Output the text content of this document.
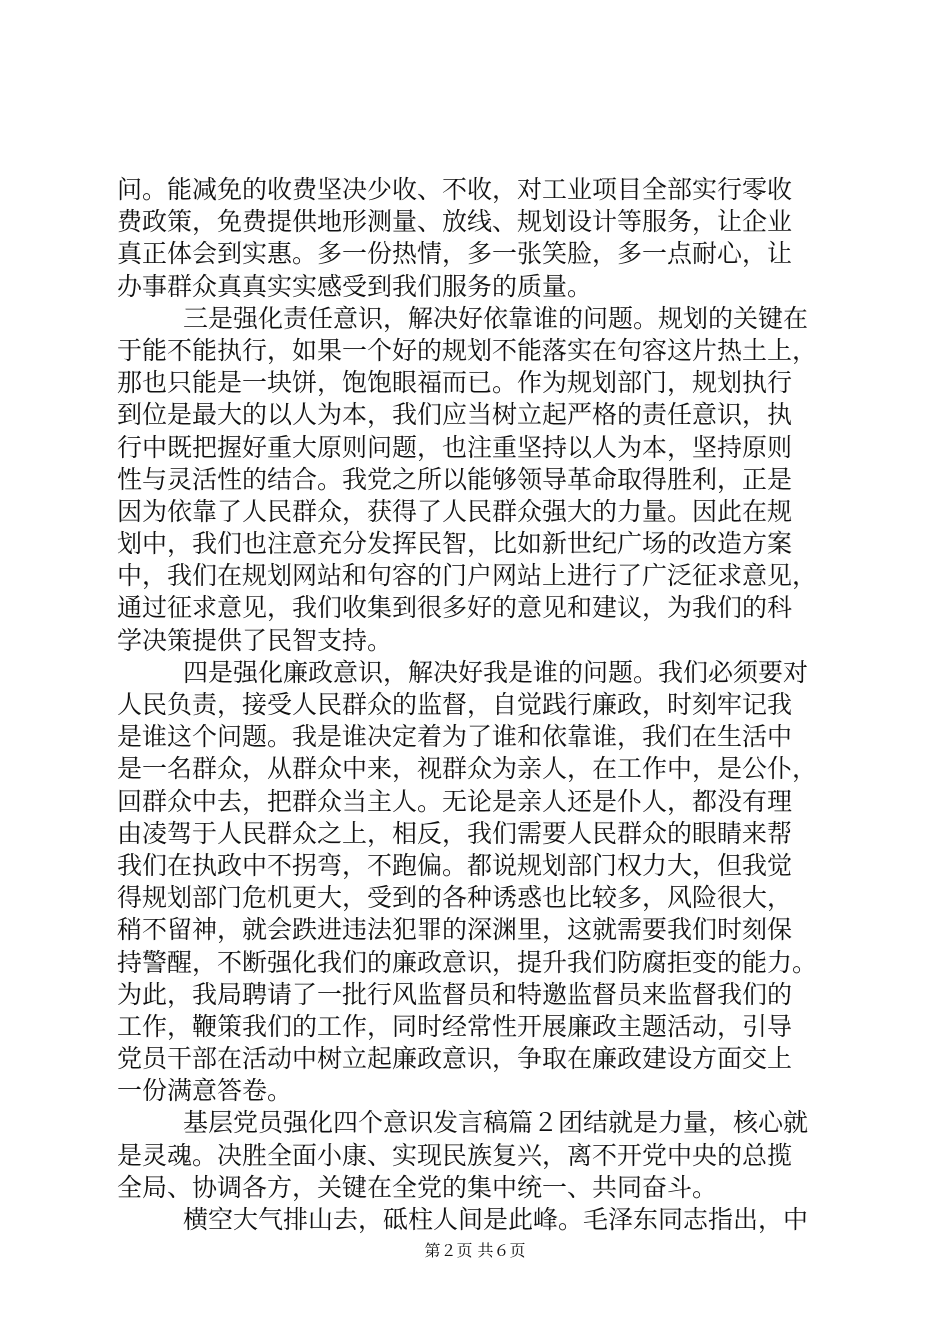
问。能减免的收费坚决少收、不收，对工业项目全部实行零收
费政策，免费提供地形测量、放线、规划设计等服务，让企业
真正体会到实惠。多一份热情，多一张笑脸，多一点耐心，让
办事群众真真实实感受到我们服务的质量。
三是强化责任意识，解决好依靠谁的问题。规划的关键在
于能不能执行，如果一个好的规划不能落实在句容这片热土上，
那也只能是一块饼，饱饱眼福而已。作为规划部门，规划执行
到位是最大的以人为本，我们应当树立起严格的责任意识，执
行中既把握好重大原则问题，也注重坚持以人为本，坚持原则
性与灵活性的结合。我党之所以能够领导革命取得胜利，正是
因为依靠了人民群众，获得了人民群众强大的力量。因此在规
划中，我们也注意充分发挥民智，比如新世纪广场的改造方案
中，我们在规划网站和句容的门户网站上进行了广泛征求意见，
通过征求意见，我们收集到很多好的意见和建议，为我们的科
学决策提供了民智支持。
四是强化廉政意识，解决好我是谁的问题。我们必须要对
人民负责，接受人民群众的监督，自觉践行廉政，时刻牢记我
是谁这个问题。我是谁决定着为了谁和依靠谁，我们在生活中
是一名群众，从群众中来，视群众为亲人，在工作中，是公仆，
回群众中去，把群众当主人。无论是亲人还是仆人，都没有理
由凌驾于人民群众之上，相反，我们需要人民群众的眼睛来帮
我们在执政中不拐弯，不跑偏。都说规划部门权力大，但我觉
得规划部门危机更大，受到的各种诱惑也比较多，风险很大，
稍不留神，就会跌进违法犯罪的深渊里，这就需要我们时刻保
持警醒，不断强化我们的廉政意识，提升我们防腐拒变的能力。
为此，我局聘请了一批行风监督员和特邀监督员来监督我们的
工作，鞭策我们的工作，同时经常性开展廉政主题活动，引导
党员干部在活动中树立起廉政意识，争取在廉政建设方面交上
一份满意答卷。
基层党员强化四个意识发言稿篇２团结就是力量，核心就
是灵魂。决胜全面小康、实现民族复兴，离不开党中央的总揽
全局、协调各方，关键在全党的集中统一、共同奋斗。
横空大气排山去，砥柱人间是此峰。毛泽东同志指出，中
第２页 共６页
